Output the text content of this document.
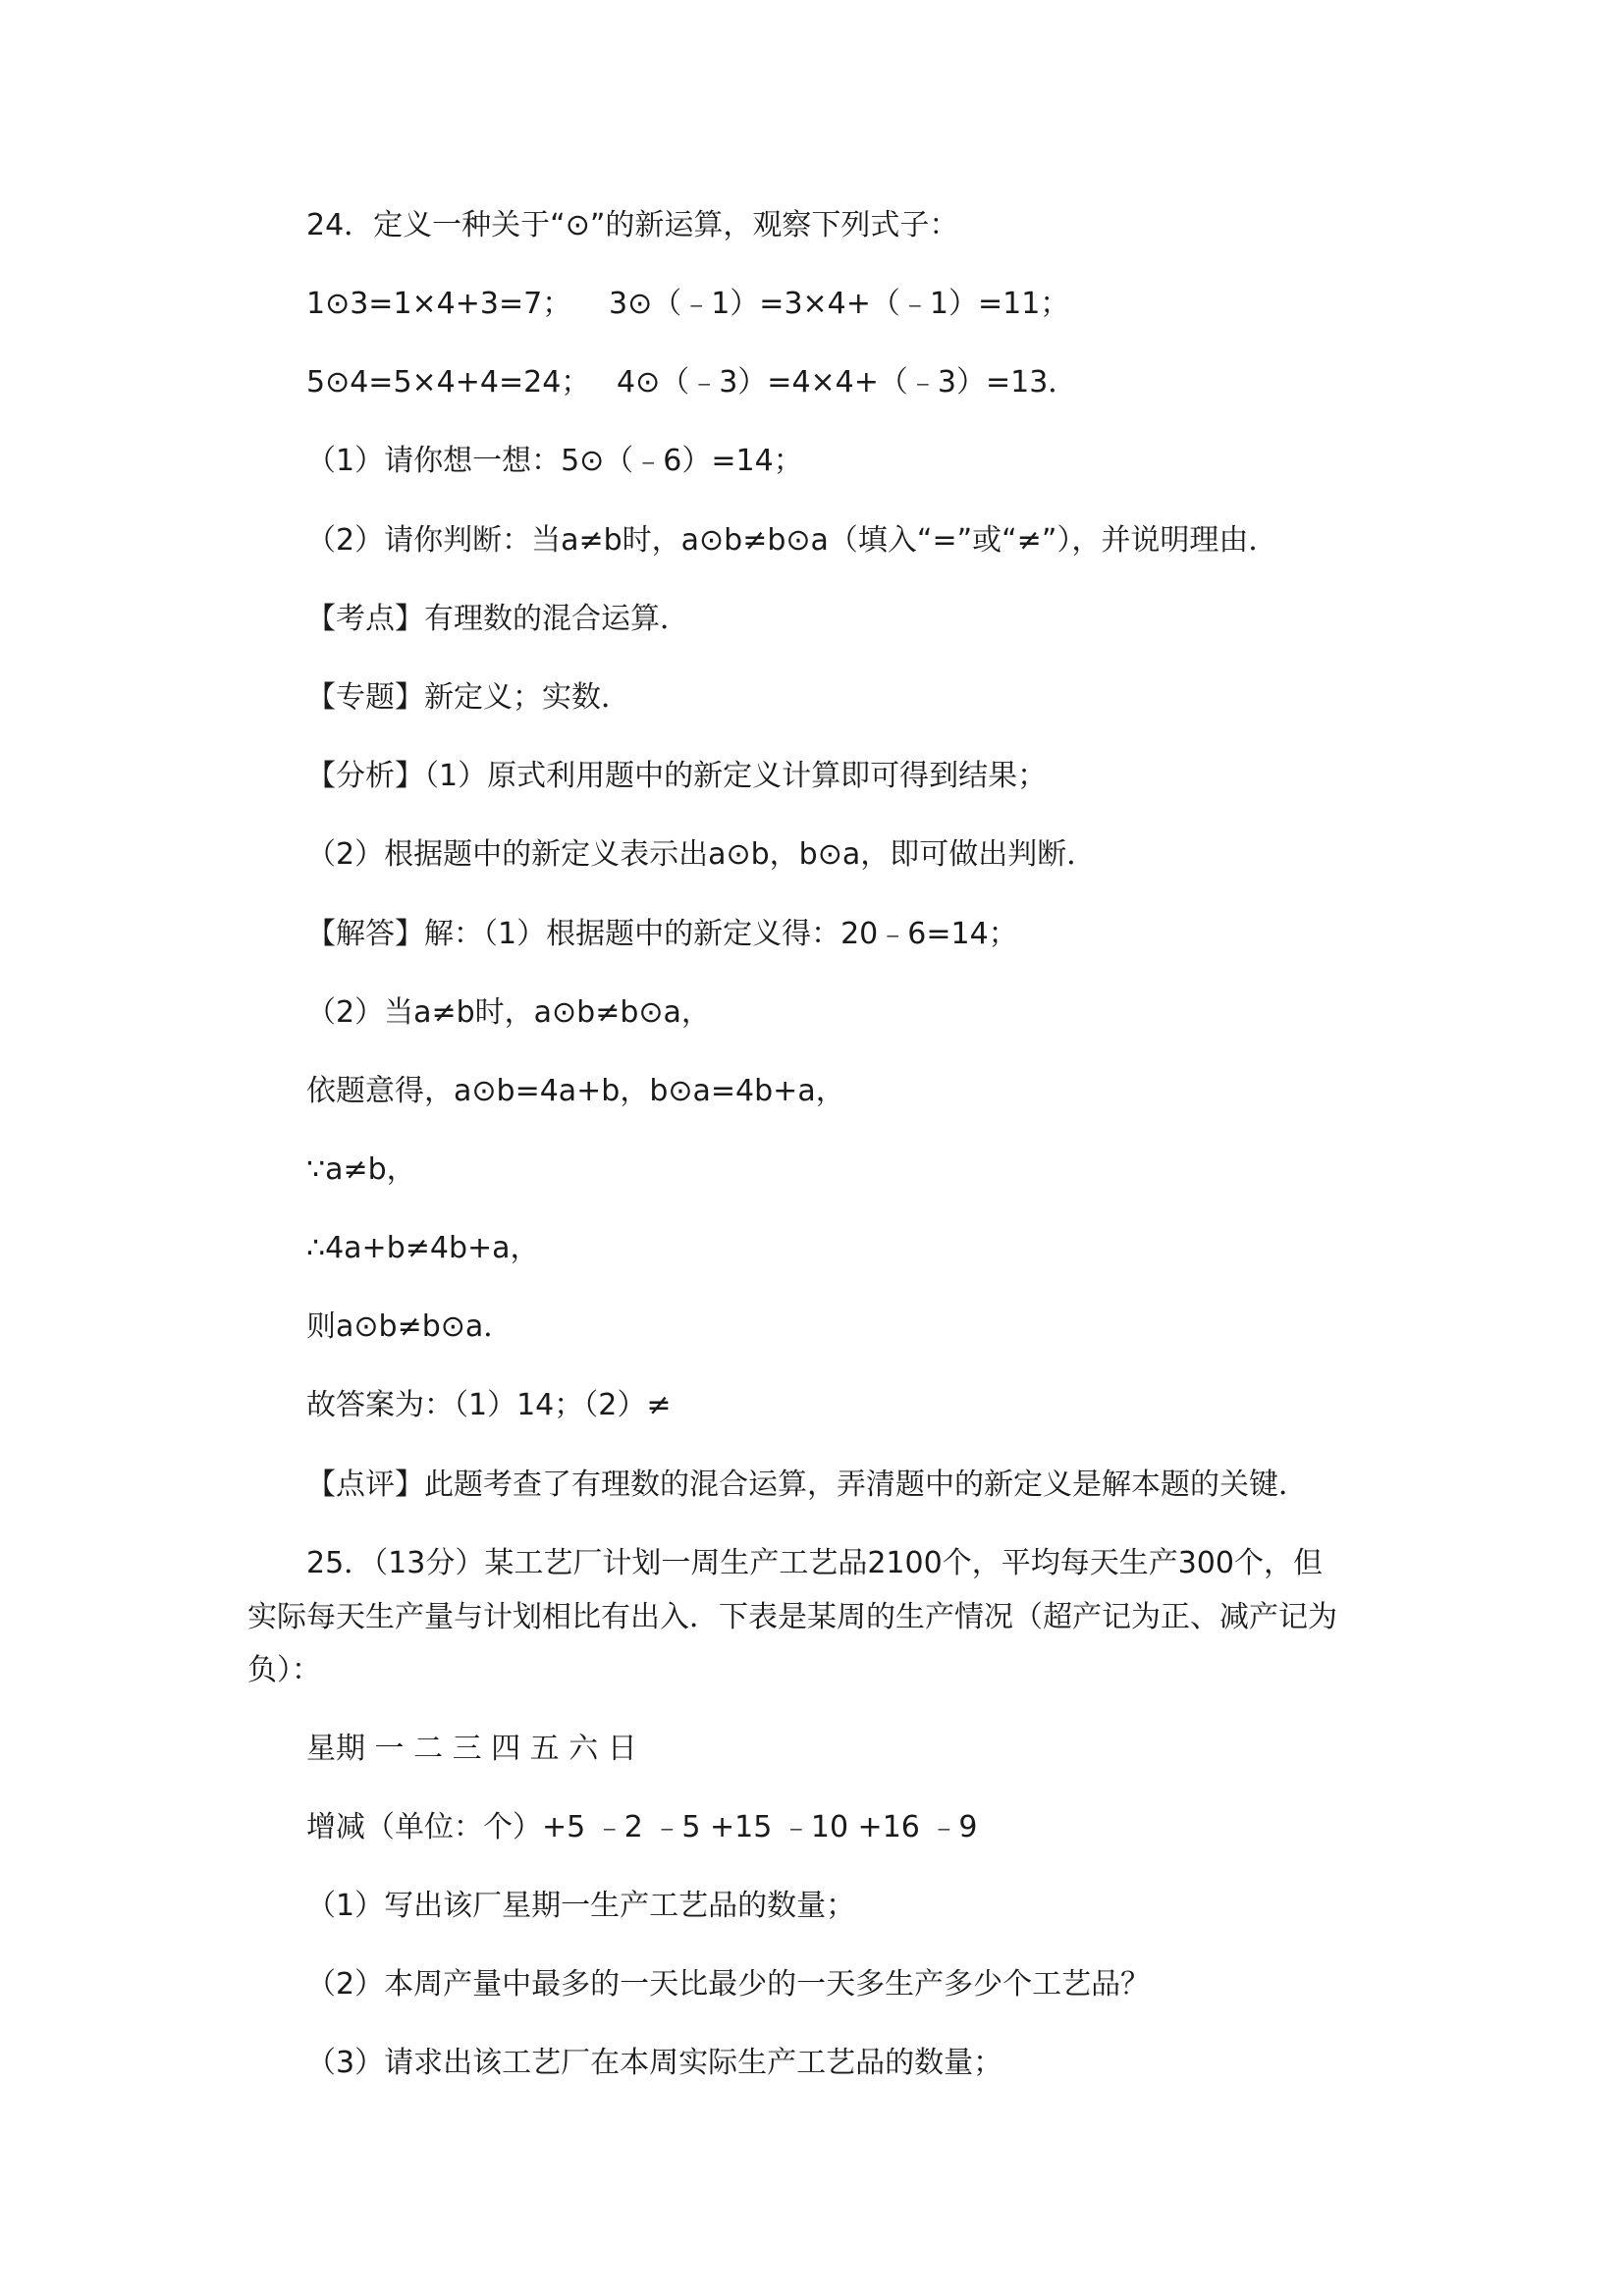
24．定义一种关于“⊙”的新运算，观察下列式子：
1⊙3=1×4+3=7； 3⊙（﹣1）=3×4+（﹣1）=11；
5⊙4=5×4+4=24； 4⊙（﹣3）=4×4+（﹣3）=13．
（1）请你想一想：5⊙（﹣6）=14；
（2）请你判断：当a≠b时，a⊙b≠b⊙a（填入“=”或“≠”），并说明理由．
【考点】有理数的混合运算．
【专题】新定义；实数．
【分析】（1）原式利用题中的新定义计算即可得到结果；
（2）根据题中的新定义表示出a⊙b，b⊙a，即可做出判断．
【解答】解：（1）根据题中的新定义得：20﹣6=14；
（2）当a≠b时，a⊙b≠b⊙a，
依题意得，a⊙b=4a+b，b⊙a=4b+a，
∵a≠b，
∴4a+b≠4b+a，
则a⊙b≠b⊙a．
故答案为：（1）14；（2）≠
【点评】此题考查了有理数的混合运算，弄清题中的新定义是解本题的关键．
25．（13分）某工艺厂计划一周生产工艺品2100个，平均每天生产300个，但
实际每天生产量与计划相比有出入．下表是某周的生产情况（超产记为正、减产记为
负）：
星期 一 二 三 四 五 六 日
增减（单位：个）+5 ﹣2 ﹣5 +15 ﹣10 +16 ﹣9
（1）写出该厂星期一生产工艺品的数量；
（2）本周产量中最多的一天比最少的一天多生产多少个工艺品？
（3）请求出该工艺厂在本周实际生产工艺品的数量；
